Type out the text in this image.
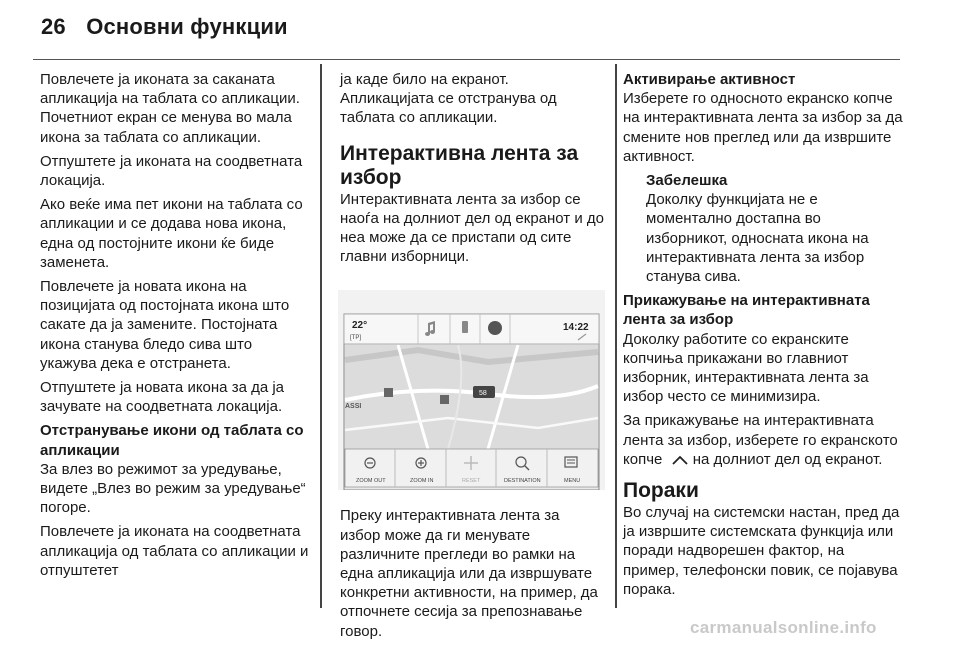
26 Основни функции

Повлечете ја иконата за саканата апликација на таблата со апликации. Почетниот екран се менува во мала икона за таблата со апликации.

Отпуштете ја иконата на соодветната локација.

Ако веќе има пет икони на таблата со апликации и се додава нова икона, една од постојните икони ќе биде заменета.

Повлечете ја новата икона на позицијата од постојната икона што сакате да ја замените. Постојната икона станува бледо сива што укажува дека е отстранета.

Отпуштете ја новата икона за да ја зачувате на соодветната локација.

Отстранување икони од таблата со апликации

За влез во режимот за уредување, видете „Влез во режим за уредување“ погоре.

Повлечете ја иконата на соодветната апликација од таблата со апликации и отпуштетет

ја каде било на екранот. Апликацијата се отстранува од таблата со апликации.

Интерактивна лента за избор

Интерактивната лента за избор се наоѓа на долниот дел од екранот и до неа може да се пристапи од сите главни изборници.

22°
[TP]
14:22
58
ASSI
ZOOM OUT	ZOOM IN	RESET	DESTINATION	MENU

Преку интерактивната лента за избор може да ги менувате различните прегледи во рамки на една апликација или да извршувате конкретни активности, на пример, да отпочнете сесија за препознавање говор.

Активирање активност

Изберете го односното екранско копче на интерактивната лента за избор за да смените нов преглед или да извршите активност.

Забелешка

Доколку функцијата не е моментално достапна во изборникот, односната икона на интерактивната лента за избор станува сива.

Прикажување на интерактивната лента за избор

Доколку работите со екранските копчиња прикажани во главниот изборник, интерактивната лента за избор често се минимизира.

За прикажување на интерактивната лента за избор, изберете го екранското копче на долниот дел од екранот.

Пораки

Во случај на системски настан, пред да ја извршите системската функција или поради надворешен фактор, на пример, телефонски повик, се појавува порака.

carmanualsonline.info
